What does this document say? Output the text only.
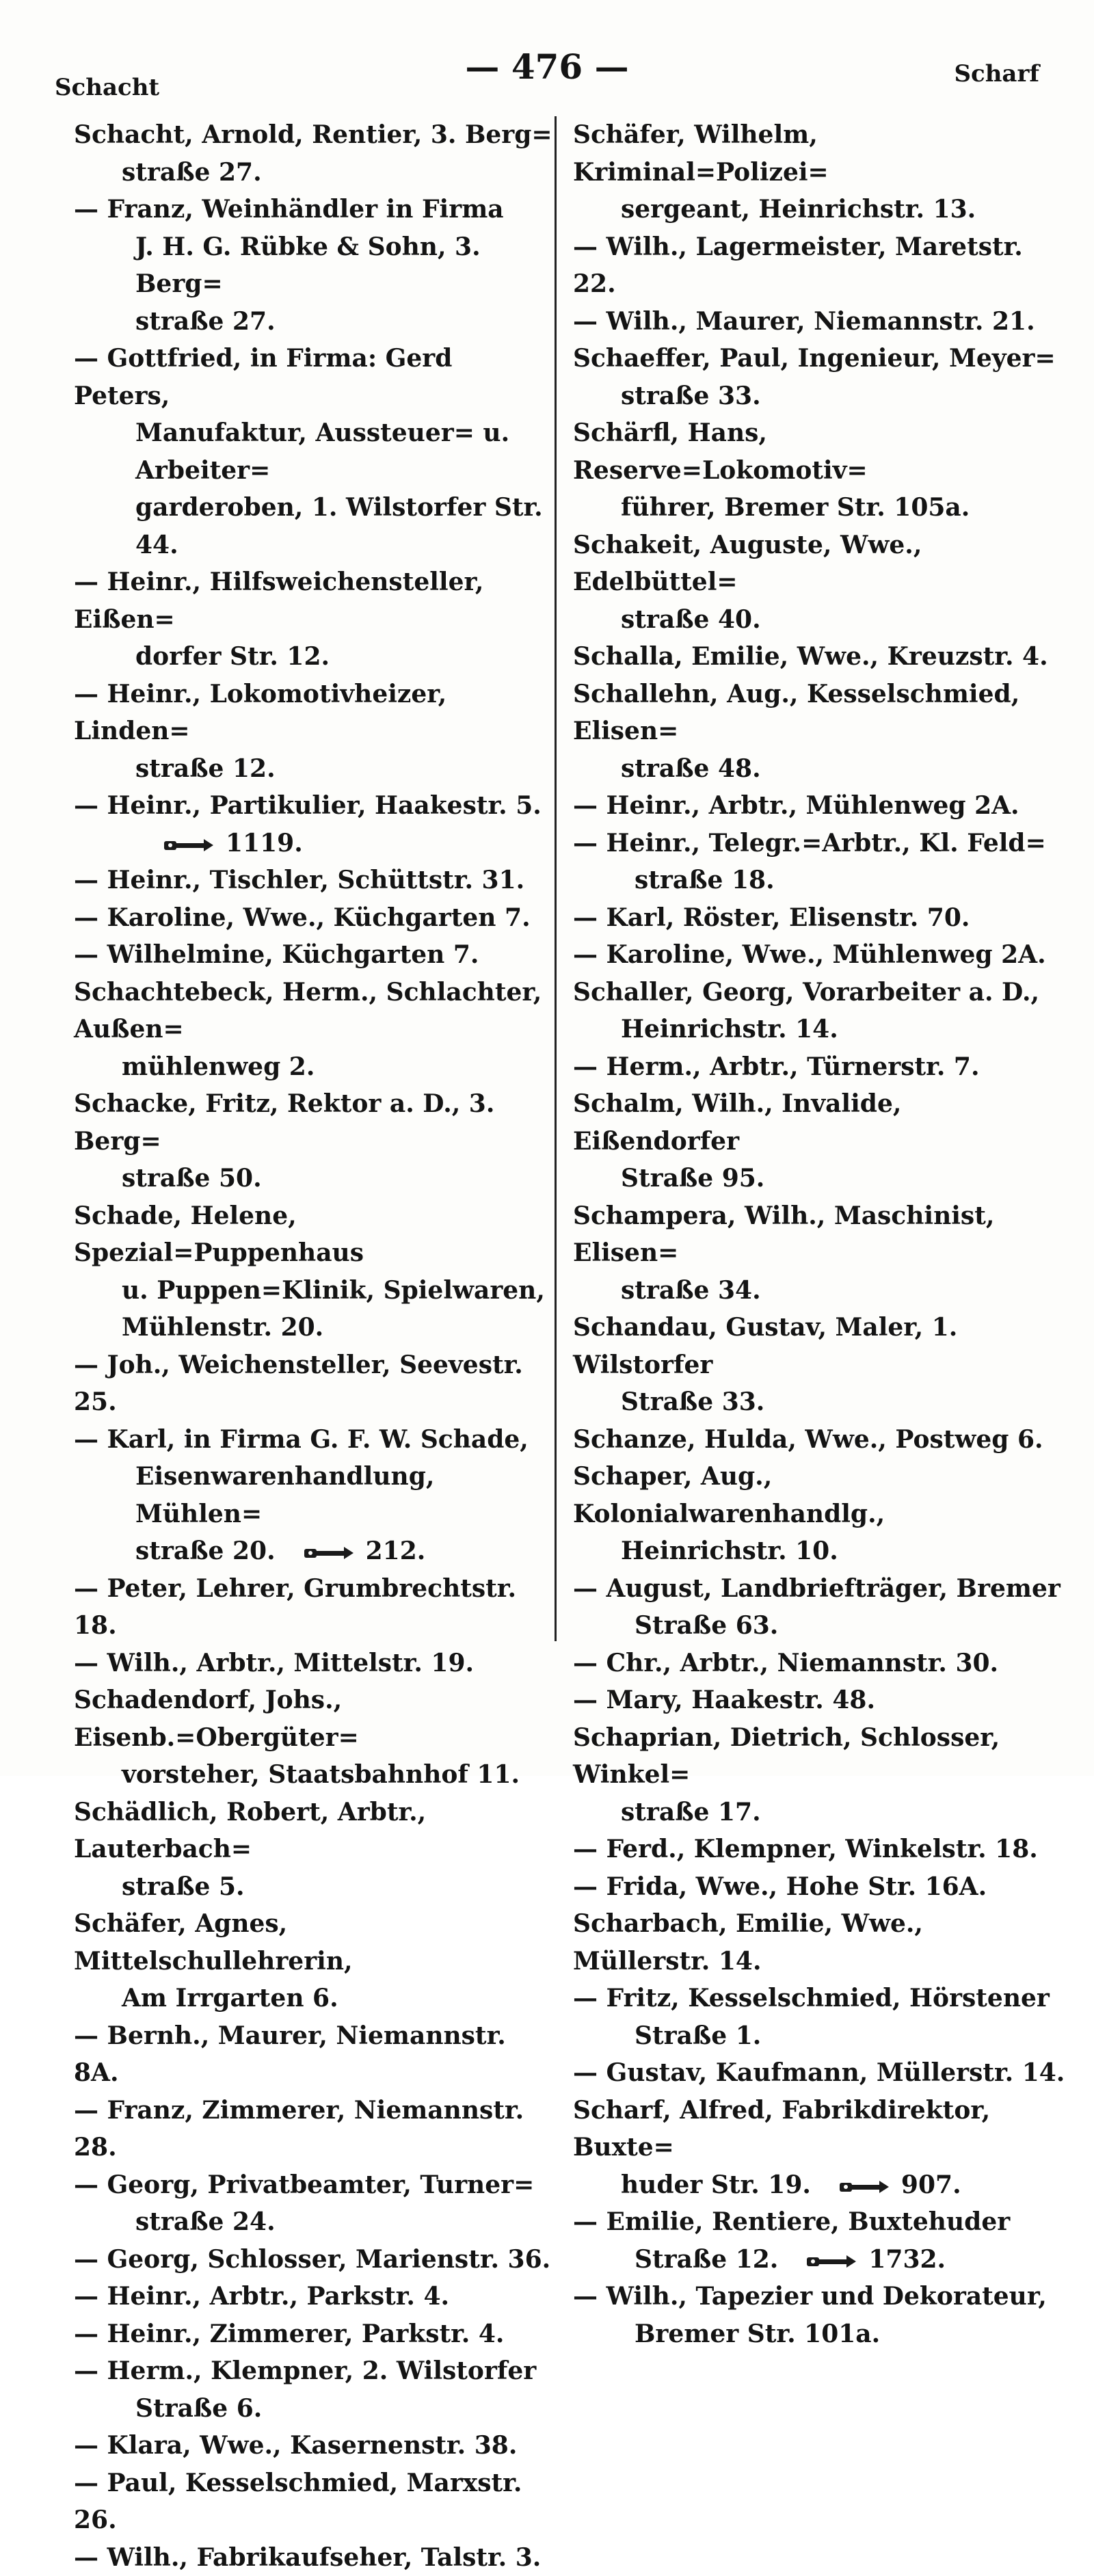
Schacht
— 476 —	Scharf
Schacht, Arnold, Rentier, 3. Berg=
straße 27.
— Franz, Weinhändler in Firma
J. H. G. Rübke & Sohn, 3. Berg=
straße 27.
— Gottfried, in Firma: Gerd Peters,
Manufaktur, Aussteuer= u. Arbeiter=
garderoben, 1. Wilstorfer Str. 44.
— Heinr., Hilfsweichensteller, Eißen=
dorfer Str. 12.
— Heinr., Lokomotivheizer, Linden=
straße 12.
— Heinr., Partikulier, Haakestr. 5.
1119.
— Heinr., Tischler, Schüttstr. 31.
— Karoline, Wwe., Küchgarten 7.
— Wilhelmine, Küchgarten 7.
Schachtebeck, Herm., Schlachter, Außen=
mühlenweg 2.
Schacke, Fritz, Rektor a. D., 3. Berg=
straße 50.
Schade, Helene, Spezial=Puppenhaus
u. Puppen=Klinik, Spielwaren,
Mühlenstr. 20.
— Joh., Weichensteller, Seevestr. 25.
— Karl, in Firma G. F. W. Schade,
Eisenwarenhandlung, Mühlen=
straße 20.	212.
— Peter, Lehrer, Grumbrechtstr. 18.
— Wilh., Arbtr., Mittelstr. 19.
Schadendorf, Johs., Eisenb.=Obergüter=
vorsteher, Staatsbahnhof 11.
Schädlich, Robert, Arbtr., Lauterbach=
straße 5.
Schäfer, Agnes, Mittelschullehrerin,
Am Irrgarten 6.
— Bernh., Maurer, Niemannstr. 8A.
— Franz, Zimmerer, Niemannstr. 28.
— Georg, Privatbeamter, Turner=
straße 24.
— Georg, Schlosser, Marienstr. 36.
— Heinr., Arbtr., Parkstr. 4.
— Heinr., Zimmerer, Parkstr. 4.
— Herm., Klempner, 2. Wilstorfer
Straße 6.
— Klara, Wwe., Kasernenstr. 38.
— Paul, Kesselschmied, Marxstr. 26.
— Wilh., Fabrikaufseher, Talstr. 3.
Schäfer, Wilhelm, Kriminal=Polizei=
sergeant, Heinrichstr. 13.
— Wilh., Lagermeister, Maretstr. 22.
— Wilh., Maurer, Niemannstr. 21.
Schaeffer, Paul, Ingenieur, Meyer=
straße 33.
Schärfl, Hans, Reserve=Lokomotiv=
führer, Bremer Str. 105a.
Schakeit, Auguste, Wwe., Edelbüttel=
straße 40.
Schalla, Emilie, Wwe., Kreuzstr. 4.
Schallehn, Aug., Kesselschmied, Elisen=
straße 48.
— Heinr., Arbtr., Mühlenweg 2A.
— Heinr., Telegr.=Arbtr., Kl. Feld=
straße 18.
— Karl, Röster, Elisenstr. 70.
— Karoline, Wwe., Mühlenweg 2A.
Schaller, Georg, Vorarbeiter a. D.,
Heinrichstr. 14.
— Herm., Arbtr., Türnerstr. 7.
Schalm, Wilh., Invalide, Eißendorfer
Straße 95.
Schampera, Wilh., Maschinist, Elisen=
straße 34.
Schandau, Gustav, Maler, 1. Wilstorfer
Straße 33.
Schanze, Hulda, Wwe., Postweg 6.
Schaper, Aug., Kolonialwarenhandlg.,
Heinrichstr. 10.
— August, Landbriefträger, Bremer
Straße 63.
— Chr., Arbtr., Niemannstr. 30.
— Mary, Haakestr. 48.
Schaprian, Dietrich, Schlosser, Winkel=
straße 17.
— Ferd., Klempner, Winkelstr. 18.
— Frida, Wwe., Hohe Str. 16A.
Scharbach, Emilie, Wwe., Müllerstr. 14.
— Fritz, Kesselschmied, Hörstener
Straße 1.
— Gustav, Kaufmann, Müllerstr. 14.
Scharf, Alfred, Fabrikdirektor, Buxte=
huder Str. 19.	907.
— Emilie, Rentiere, Buxtehuder
Straße 12.	1732.
— Wilh., Tapezier und Dekorateur,
Bremer Str. 101a.
